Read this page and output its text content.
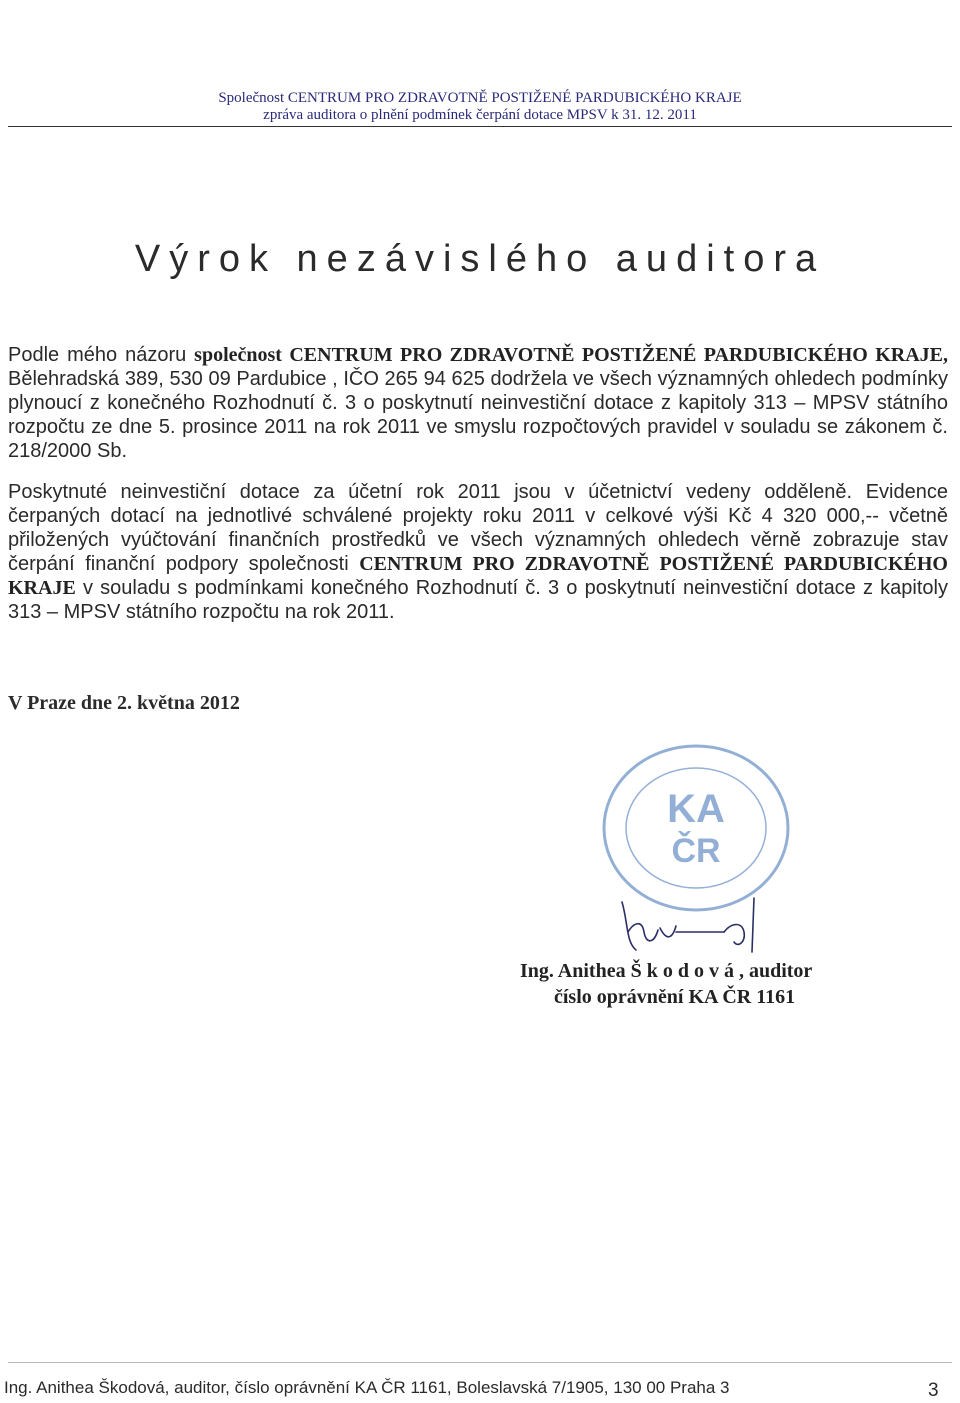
Společnost CENTRUM PRO ZDRAVOTNĚ POSTIŽENÉ PARDUBICKÉHO KRAJE
zpráva auditora o plnění podmínek čerpání dotace MPSV k 31. 12. 2011
Výrok nezávislého auditora
Podle mého názoru společnost CENTRUM PRO ZDRAVOTNĚ POSTIŽENÉ PARDUBICKÉHO KRAJE, Bělehradská 389, 530 09 Pardubice , IČO 265 94 625 dodržela ve všech významných ohledech podmínky plynoucí z konečného Rozhodnutí č. 3 o poskytnutí neinvestiční dotace z kapitoly 313 – MPSV státního rozpočtu ze dne 5. prosince 2011 na rok 2011 ve smyslu rozpočtových pravidel v souladu se zákonem č. 218/2000 Sb.
Poskytnuté neinvestiční dotace za účetní rok 2011 jsou v účetnictví vedeny odděleně. Evidence čerpaných dotací na jednotlivé schválené projekty roku 2011 v celkové výši Kč 4 320 000,-- včetně přiložených vyúčtování finančních prostředků ve všech významných ohledech věrně zobrazuje stav čerpání finanční podpory společnosti CENTRUM PRO ZDRAVOTNĚ POSTIŽENÉ PARDUBICKÉHO KRAJE v souladu s podmínkami konečného Rozhodnutí č. 3 o poskytnutí neinvestiční dotace z kapitoly 313 – MPSV státního rozpočtu na rok 2011.
V Praze dne 2. května 2012
KA
ČR
Ing. Anithea Š k o d o v á , auditor
číslo oprávnění KA ČR 1161
Ing. Anithea Škodová, auditor, číslo oprávnění KA ČR 1161, Boleslavská 7/1905, 130 00 Praha 3	3
